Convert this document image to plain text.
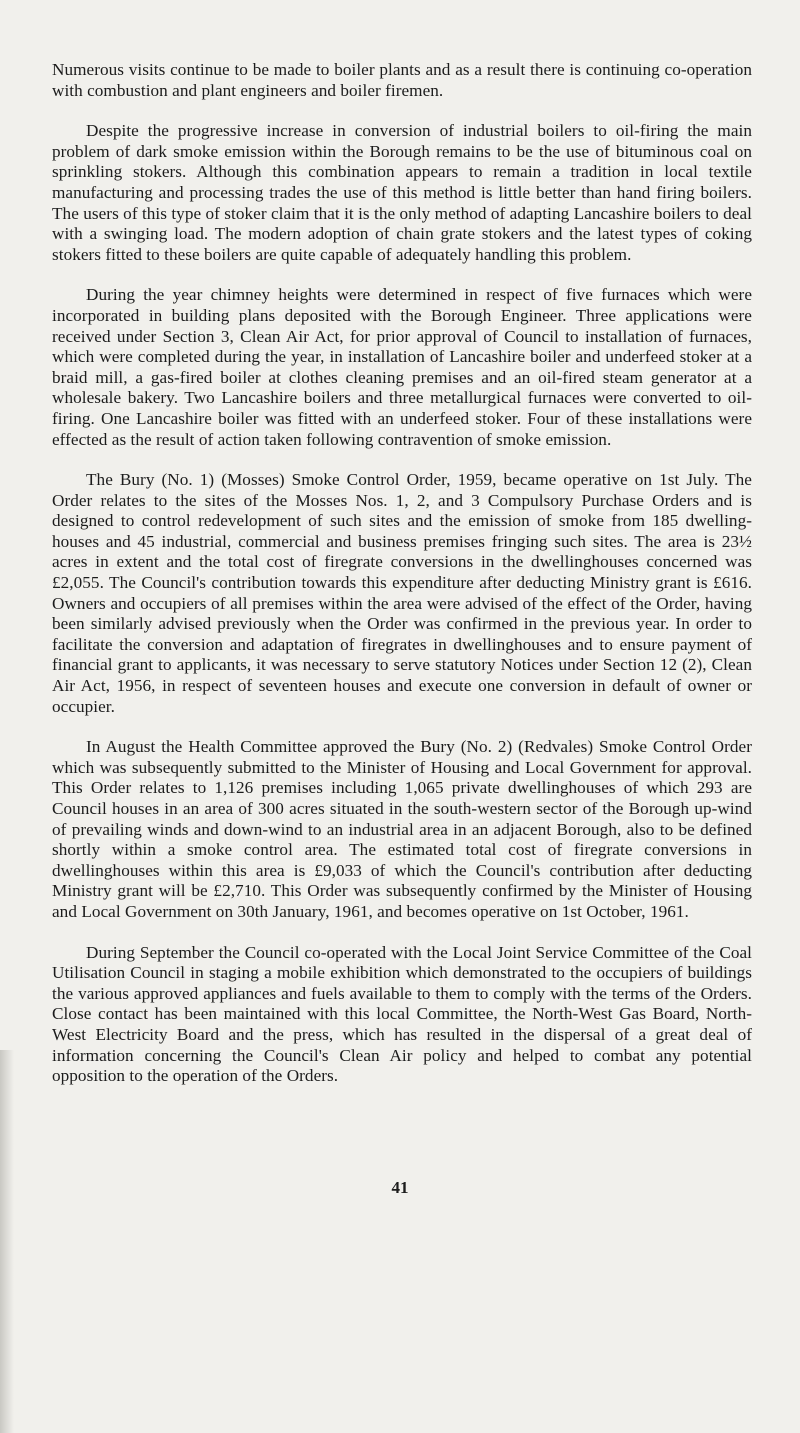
Numerous visits continue to be made to boiler plants and as a result there is continuing co-operation with combustion and plant engineers and boiler firemen.

Despite the progressive increase in conversion of industrial boilers to oil-firing the main problem of dark smoke emission within the Borough remains to be the use of bituminous coal on sprinkling stokers. Although this combination appears to remain a tradition in local textile manufacturing and processing trades the use of this method is little better than hand firing boilers. The users of this type of stoker claim that it is the only method of adapting Lancashire boilers to deal with a swinging load. The modern adoption of chain grate stokers and the latest types of coking stokers fitted to these boilers are quite capable of adequately handling this problem.

During the year chimney heights were determined in respect of five furnaces which were incorporated in building plans deposited with the Borough Engineer. Three applications were received under Section 3, Clean Air Act, for prior approval of Council to installation of furnaces, which were completed during the year, in installation of Lancashire boiler and underfeed stoker at a braid mill, a gas-fired boiler at clothes cleaning premises and an oil-fired steam generator at a wholesale bakery. Two Lancashire boilers and three metallurgical furnaces were converted to oil-firing. One Lancashire boiler was fitted with an underfeed stoker. Four of these installations were effected as the result of action taken following contravention of smoke emission.

The Bury (No. 1) (Mosses) Smoke Control Order, 1959, became operative on 1st July. The Order relates to the sites of the Mosses Nos. 1, 2, and 3 Compulsory Purchase Orders and is designed to control redevelopment of such sites and the emission of smoke from 185 dwelling-houses and 45 industrial, commercial and business premises fringing such sites. The area is 23½ acres in extent and the total cost of firegrate conversions in the dwellinghouses concerned was £2,055. The Council's contribution towards this expenditure after deducting Ministry grant is £616. Owners and occupiers of all premises within the area were advised of the effect of the Order, having been similarly advised previously when the Order was confirmed in the previous year. In order to facilitate the conversion and adaptation of firegrates in dwellinghouses and to ensure payment of financial grant to applicants, it was necessary to serve statutory Notices under Section 12 (2), Clean Air Act, 1956, in respect of seventeen houses and execute one conversion in default of owner or occupier.

In August the Health Committee approved the Bury (No. 2) (Redvales) Smoke Control Order which was subsequently submitted to the Minister of Housing and Local Government for approval. This Order relates to 1,126 premises including 1,065 private dwellinghouses of which 293 are Council houses in an area of 300 acres situated in the south-western sector of the Borough up-wind of prevailing winds and down-wind to an industrial area in an adjacent Borough, also to be defined shortly within a smoke control area. The estimated total cost of firegrate conversions in dwellinghouses within this area is £9,033 of which the Council's contribution after deducting Ministry grant will be £2,710. This Order was subsequently confirmed by the Minister of Housing and Local Government on 30th January, 1961, and becomes operative on 1st October, 1961.

During September the Council co-operated with the Local Joint Service Committee of the Coal Utilisation Council in staging a mobile exhibition which demonstrated to the occupiers of buildings the various approved appliances and fuels available to them to comply with the terms of the Orders. Close contact has been maintained with this local Committee, the North-West Gas Board, North-West Electricity Board and the press, which has resulted in the dispersal of a great deal of information concerning the Council's Clean Air policy and helped to combat any potential opposition to the operation of the Orders.

41
